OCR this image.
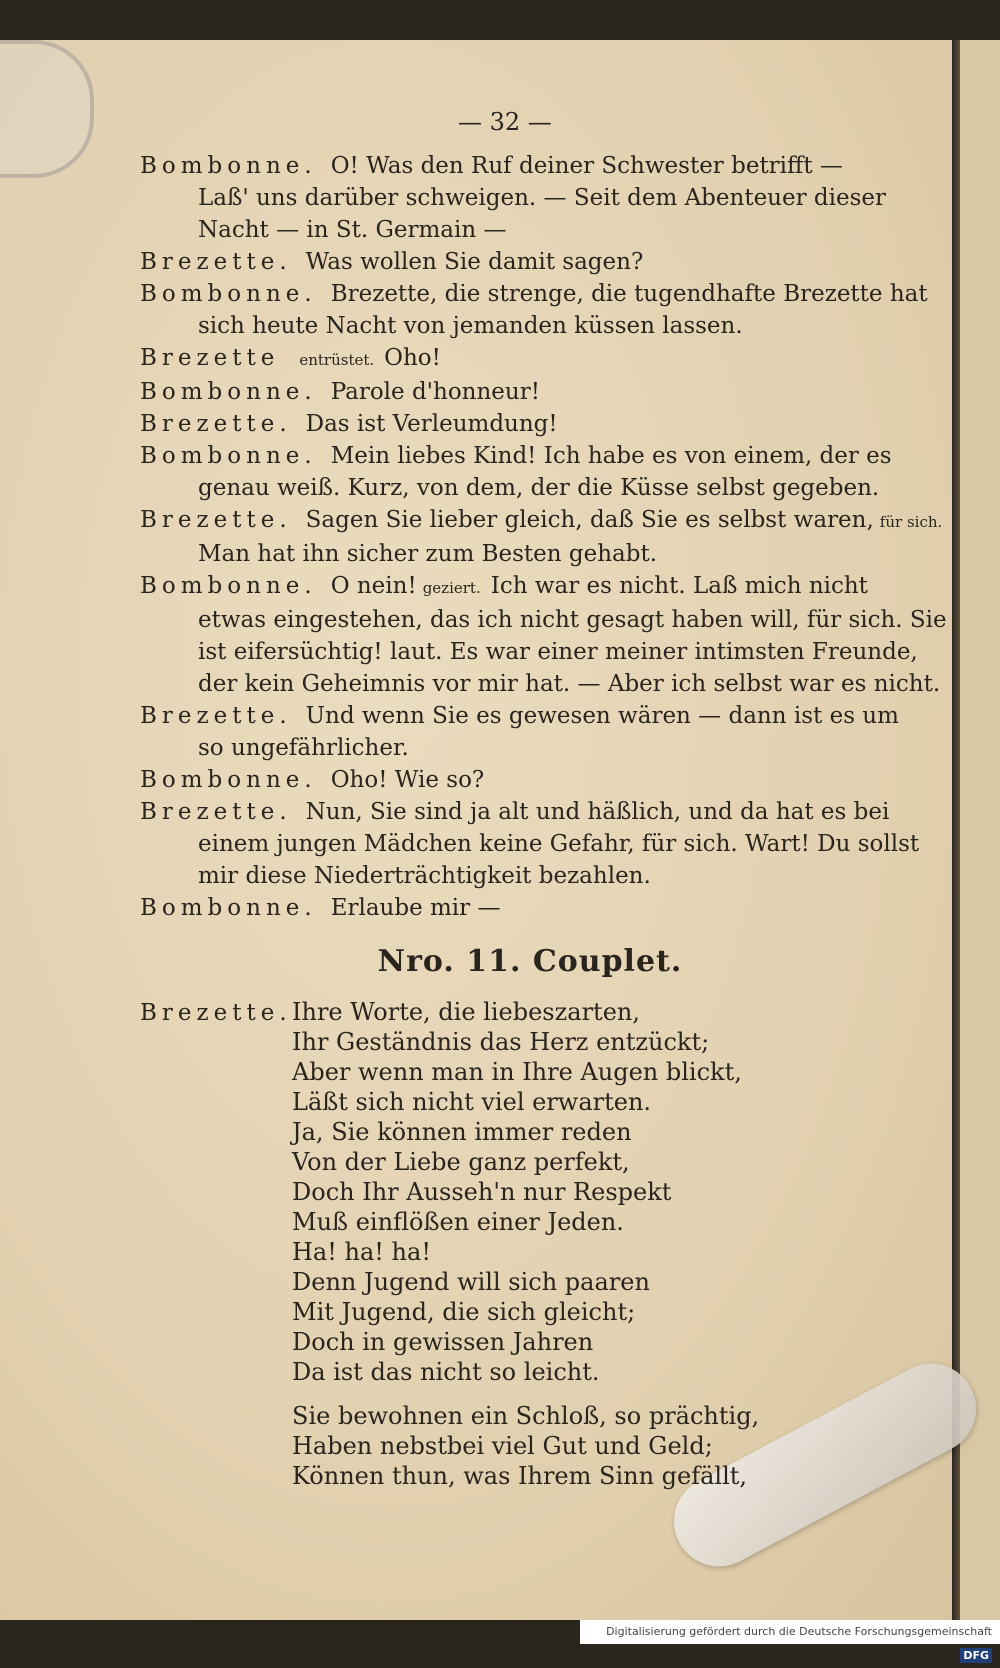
— 32 —
Bombonne. O! Was den Ruf deiner Schwester betrifft —
Laß' uns darüber schweigen. — Seit dem Abenteuer dieser
Nacht — in St. Germain —
Brezette. Was wollen Sie damit sagen?
Bombonne. Brezette, die strenge, die tugendhafte Brezette hat
sich heute Nacht von jemanden küssen lassen.
Brezette entrüstet. Oho!
Bombonne. Parole d'honneur!
Brezette. Das ist Verleumdung!
Bombonne. Mein liebes Kind! Ich habe es von einem, der es
genau weiß. Kurz, von dem, der die Küsse selbst gegeben.
Brezette. Sagen Sie lieber gleich, daß Sie es selbst waren, für sich.
Man hat ihn sicher zum Besten gehabt.
Bombonne. O nein! geziert. Ich war es nicht. Laß mich nicht
etwas eingestehen, das ich nicht gesagt haben will, für sich. Sie
ist eifersüchtig! laut. Es war einer meiner intimsten Freunde,
der kein Geheimnis vor mir hat. — Aber ich selbst war es nicht.
Brezette. Und wenn Sie es gewesen wären — dann ist es um
so ungefährlicher.
Bombonne. Oho! Wie so?
Brezette. Nun, Sie sind ja alt und häßlich, und da hat es bei
einem jungen Mädchen keine Gefahr, für sich. Wart! Du sollst
mir diese Niederträchtigkeit bezahlen.
Bombonne. Erlaube mir —
Nro. 11. Couplet.
Brezette. Ihre Worte, die liebeszarten,
Ihr Geständnis das Herz entzückt;
Aber wenn man in Ihre Augen blickt,
Läßt sich nicht viel erwarten.
Ja, Sie können immer reden
Von der Liebe ganz perfekt,
Doch Ihr Ausseh'n nur Respekt
Muß einflößen einer Jeden.
Ha! ha! ha!
Denn Jugend will sich paaren
Mit Jugend, die sich gleicht;
Doch in gewissen Jahren
Da ist das nicht so leicht.
Sie bewohnen ein Schloß, so prächtig,
Haben nebstbei viel Gut und Geld;
Können thun, was Ihrem Sinn gefällt,
Digitalisierung gefördert durch die Deutsche Forschungsgemeinschaft · DFG
